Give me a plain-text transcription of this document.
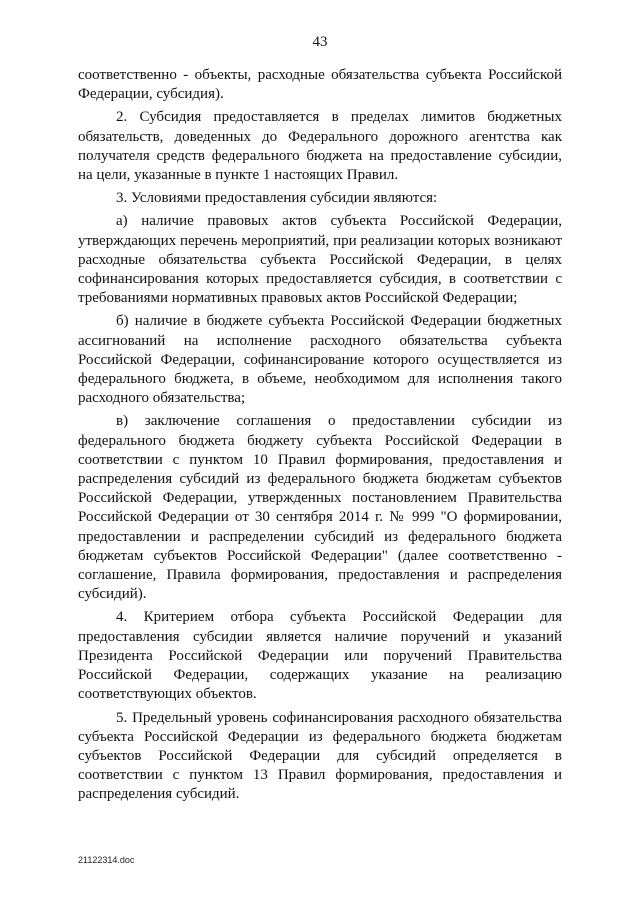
43

соответственно - объекты, расходные обязательства субъекта Российской Федерации, субсидия).

2. Субсидия предоставляется в пределах лимитов бюджетных обязательств, доведенных до Федерального дорожного агентства как получателя средств федерального бюджета на предоставление субсидии, на цели, указанные в пункте 1 настоящих Правил.

3. Условиями предоставления субсидии являются:

а) наличие правовых актов субъекта Российской Федерации, утверждающих перечень мероприятий, при реализации которых возникают расходные обязательства субъекта Российской Федерации, в целях софинансирования которых предоставляется субсидия, в соответствии с требованиями нормативных правовых актов Российской Федерации;

б) наличие в бюджете субъекта Российской Федерации бюджетных ассигнований на исполнение расходного обязательства субъекта Российской Федерации, софинансирование которого осуществляется из федерального бюджета, в объеме, необходимом для исполнения такого расходного обязательства;

в) заключение соглашения о предоставлении субсидии из федерального бюджета бюджету субъекта Российской Федерации в соответствии с пунктом 10 Правил формирования, предоставления и распределения субсидий из федерального бюджета бюджетам субъектов Российской Федерации, утвержденных постановлением Правительства Российской Федерации от 30 сентября 2014 г. № 999 "О формировании, предоставлении и распределении субсидий из федерального бюджета бюджетам субъектов Российской Федерации" (далее соответственно - соглашение, Правила формирования, предоставления и распределения субсидий).

4. Критерием отбора субъекта Российской Федерации для предоставления субсидии является наличие поручений и указаний Президента Российской Федерации или поручений Правительства Российской Федерации, содержащих указание на реализацию соответствующих объектов.

5. Предельный уровень софинансирования расходного обязательства субъекта Российской Федерации из федерального бюджета бюджетам субъектов Российской Федерации для субсидий определяется в соответствии с пунктом 13 Правил формирования, предоставления и распределения субсидий.

21122314.doc
